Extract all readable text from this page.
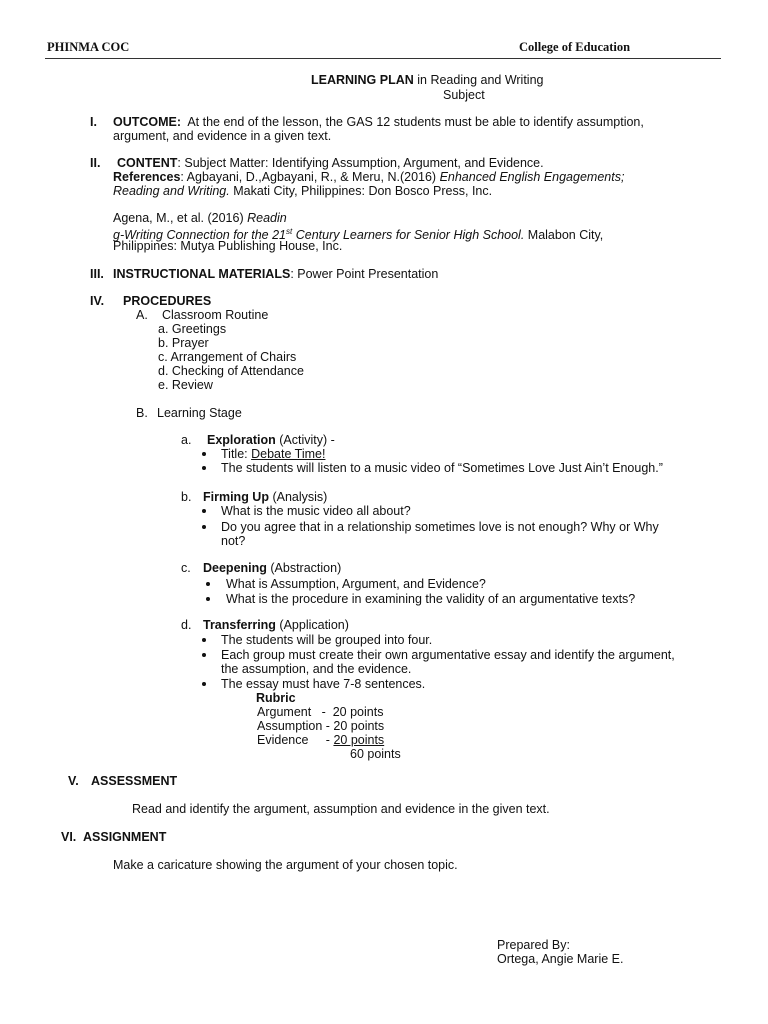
PHINMA COC	College of Education
LEARNING PLAN in Reading and Writing
Subject
I. OUTCOME: At the end of the lesson, the GAS 12 students must be able to identify assumption,
argument, and evidence in a given text.
II. CONTENT: Subject Matter: Identifying Assumption, Argument, and Evidence.
References: Agbayani, D.,Agbayani, R., & Meru, N.(2016) Enhanced English Engagements;
Reading and Writing. Makati City, Philippines: Don Bosco Press, Inc.
Agena, M., et al. (2016) Readin
g-Writing Connection for the 21st Century Learners for Senior High School. Malabon City,
Philippines: Mutya Publishing House, Inc.
III. INSTRUCTIONAL MATERIALS: Power Point Presentation
IV. PROCEDURES
A. Classroom Routine
a. Greetings
b. Prayer
c. Arrangement of Chairs
d. Checking of Attendance
e. Review
B. Learning Stage
a. Exploration (Activity) -
Title: Debate Time!
The students will listen to a music video of “Sometimes Love Just Ain’t Enough.”
b. Firming Up (Analysis)
What is the music video all about?
Do you agree that in a relationship sometimes love is not enough? Why or Why
not?
c. Deepening (Abstraction)
What is Assumption, Argument, and Evidence?
What is the procedure in examining the validity of an argumentative texts?
d. Transferring (Application)
The students will be grouped into four.
Each group must create their own argumentative essay and identify the argument,
the assumption, and the evidence.
The essay must have 7-8 sentences.
Rubric
Argument   -  20 points
Assumption - 20 points
Evidence     - 20 points
60 points
V. ASSESSMENT
Read and identify the argument, assumption and evidence in the given text.
VI. ASSIGNMENT
Make a caricature showing the argument of your chosen topic.
Prepared By:
Ortega, Angie Marie E.
